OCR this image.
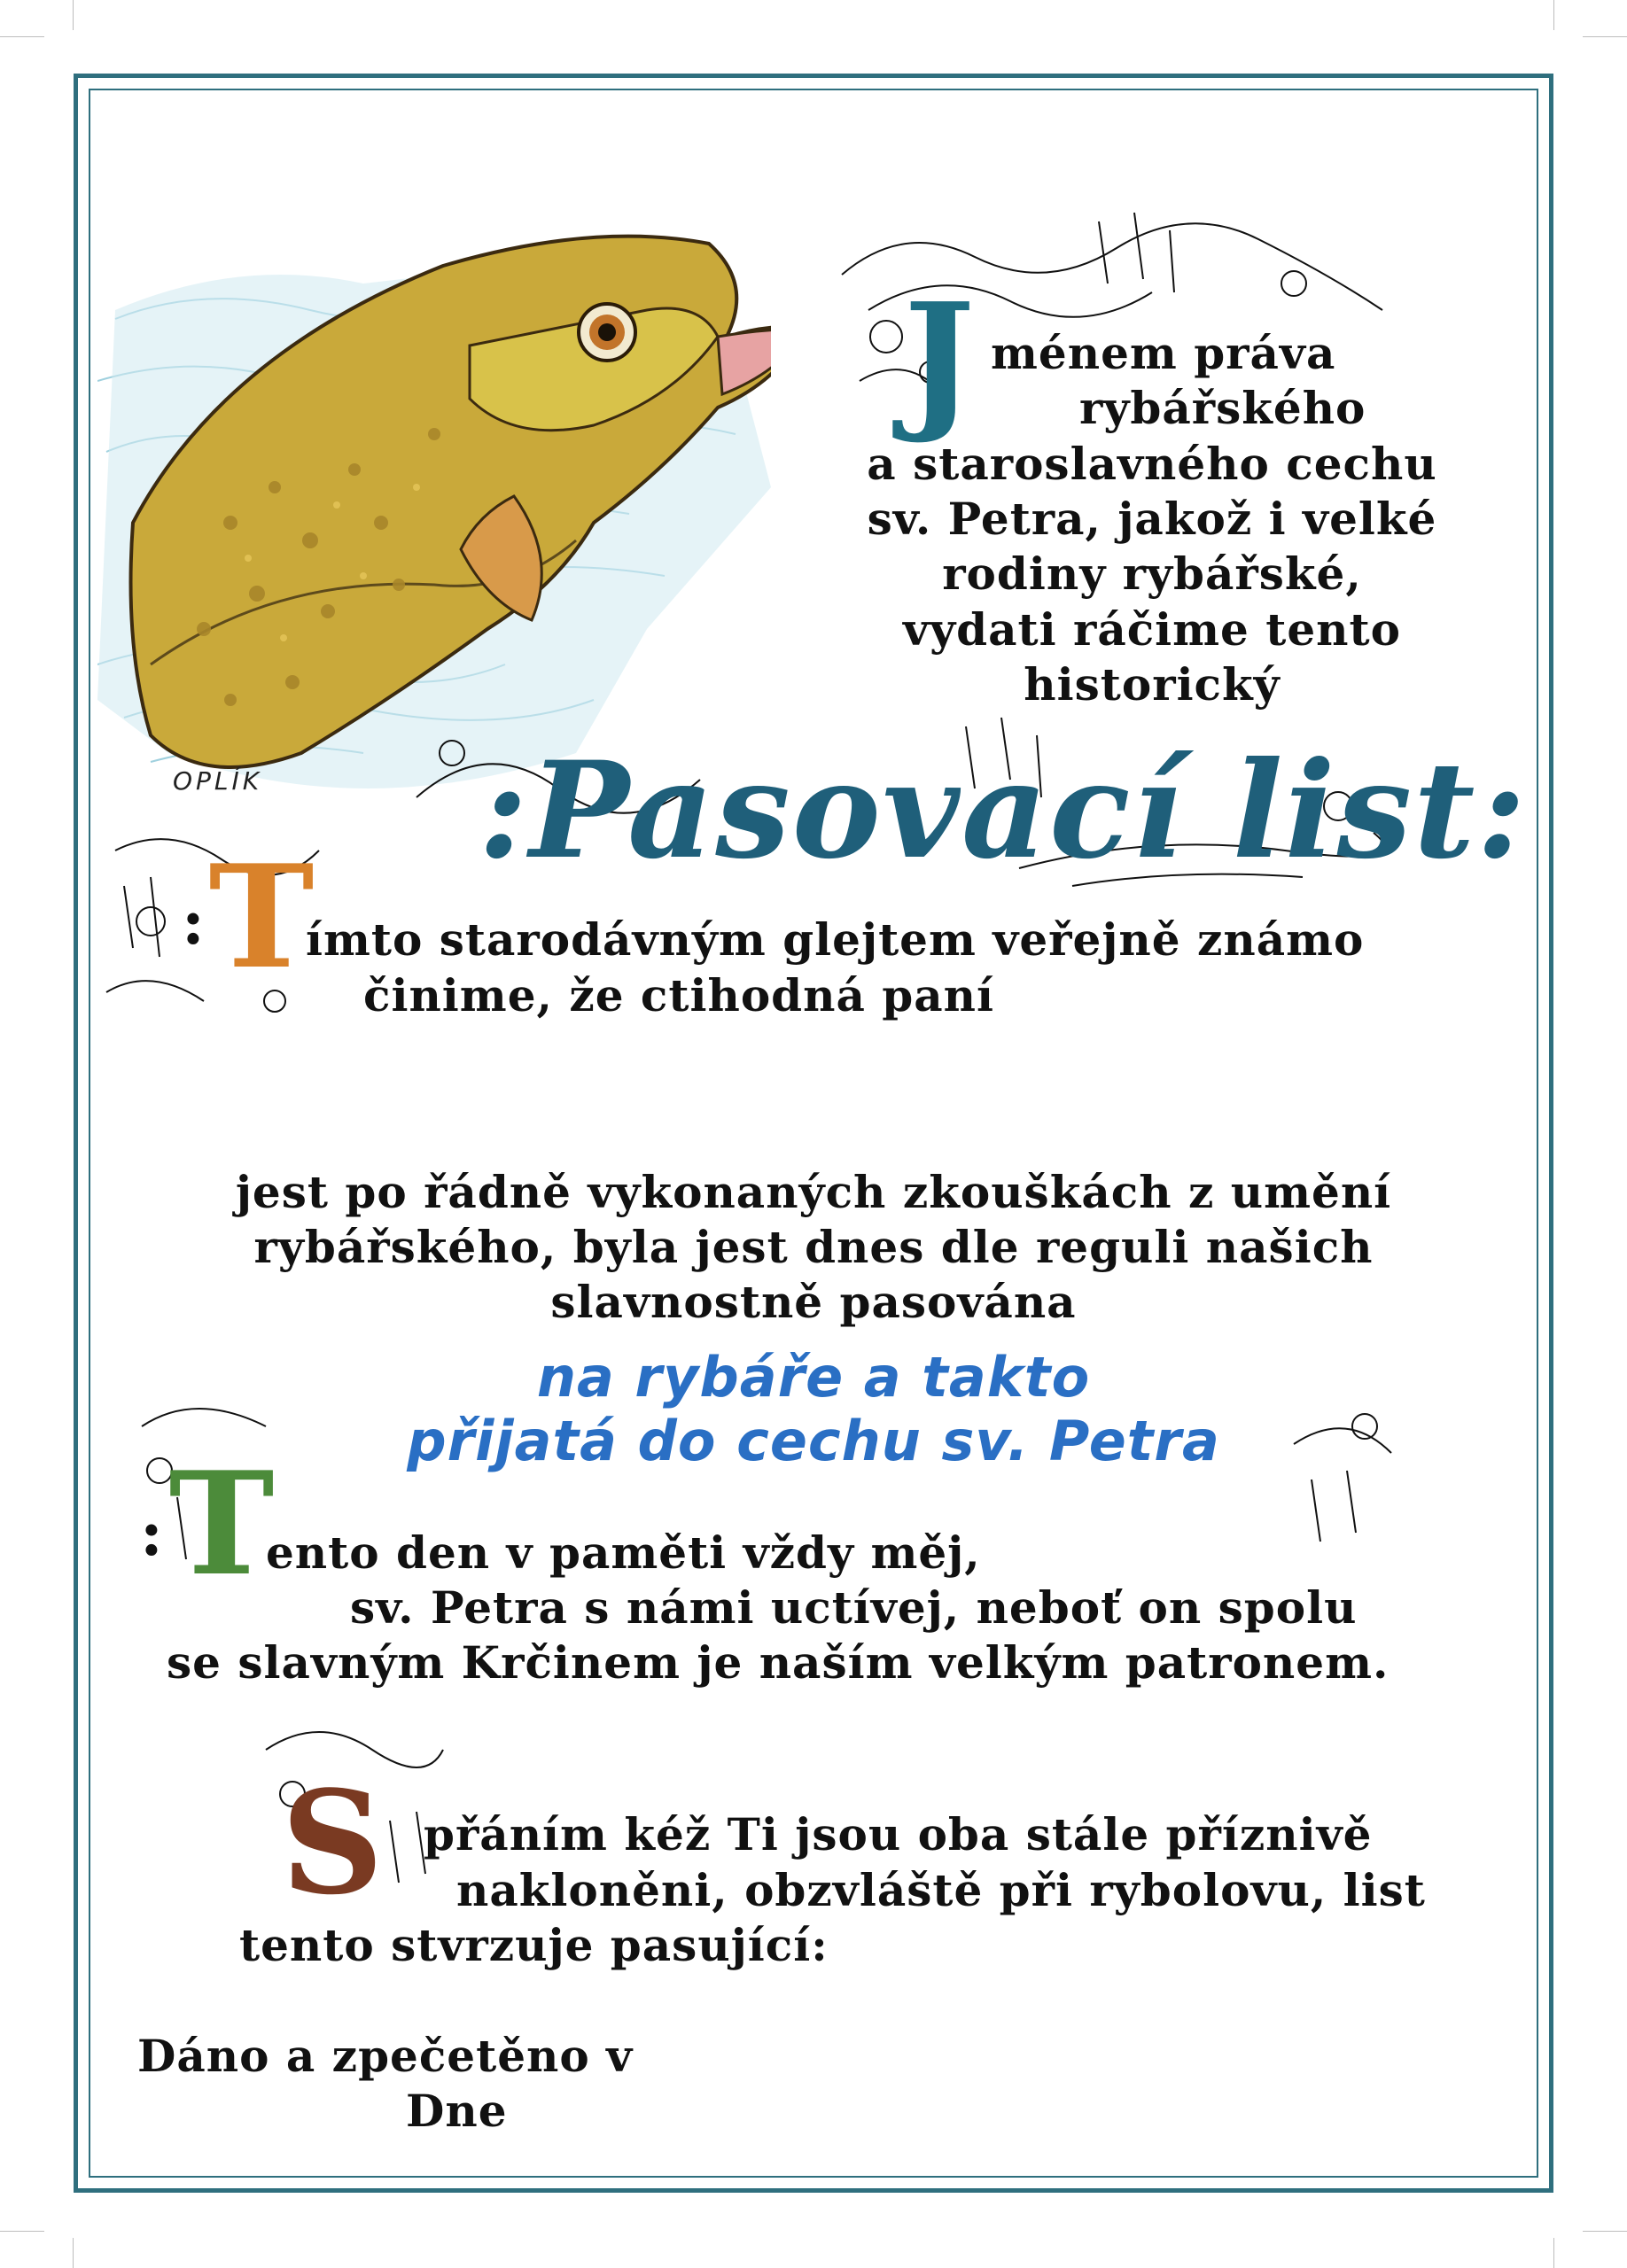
OPLÍK
J ménem práva
rybářského
a staroslavného cechu
sv. Petra, jakož i velké
rodiny rybářské,
vydati ráčime tento
historický
:Pasovací list:
: T
ímto starodávným glejtem veřejně známo
činime, že ctihodná paní
jest po řádně vykonaných zkouškách z umění
rybářského, byla jest dnes dle reguli našich
slavnostně pasována
na rybáře a takto
přijatá do cechu sv. Petra
: T
ento den v paměti vždy měj,
sv. Petra s námi uctívej, neboť on spolu
se slavným Krčinem je naším velkým patronem.
S přáním kéž Ti jsou oba stále příznivě
nakloněni, obzvláště při rybolovu, list
tento stvrzuje pasující:
Dáno a zpečetěno v
Dne
